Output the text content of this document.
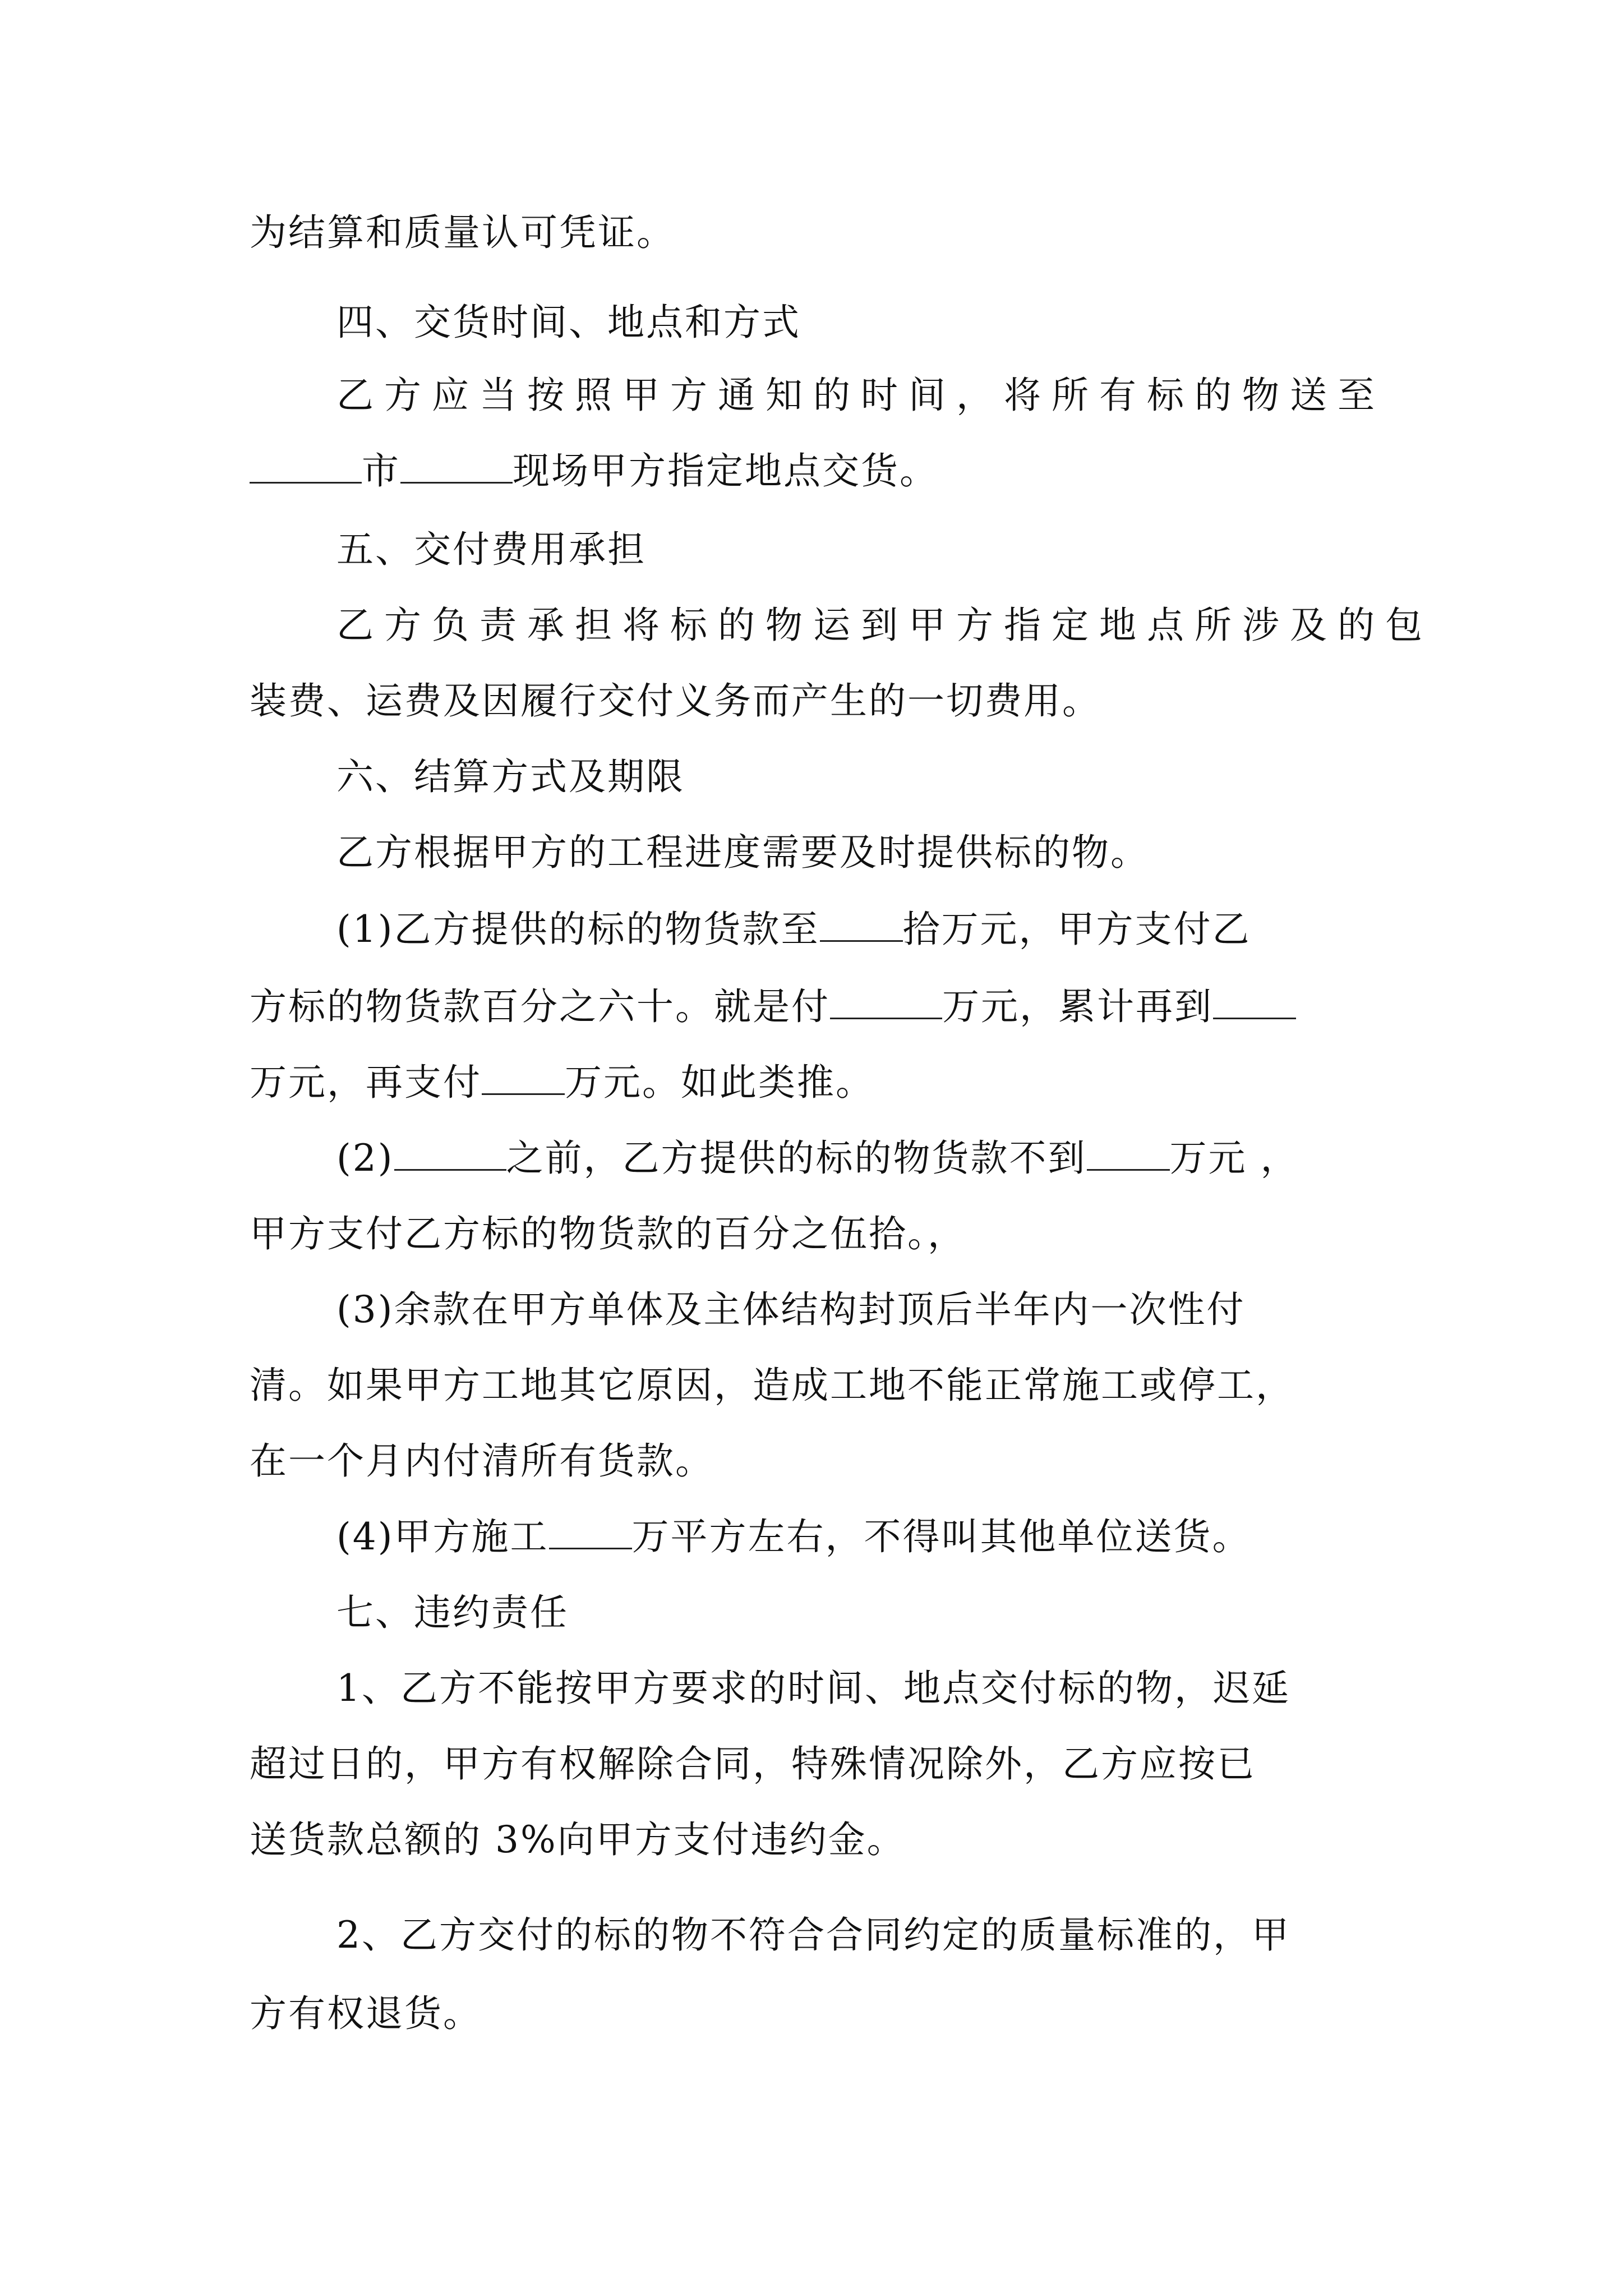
为结算和质量认可凭证。

四、交货时间、地点和方式

乙方应当按照甲方通知的时间，将所有标的物送至

市	现场甲方指定地点交货。

五、交付费用承担

乙方负责承担将标的物运到甲方指定地点所涉及的包

装费、运费及因履行交付义务而产生的一切费用。

六、结算方式及期限

乙方根据甲方的工程进度需要及时提供标的物。

(1)乙方提供的标的物货款至 拾万元，甲方支付乙

方标的物货款百分之六十。就是付	万元，累计再到

万元，再支付 万元。如此类推。

(2)	之前，乙方提供的标的物货款不到 万元 ，

甲方支付乙方标的物货款的百分之伍拾。，

(3)余款在甲方单体及主体结构封顶后半年内一次性付

清。如果甲方工地其它原因，造成工地不能正常施工或停工，

在一个月内付清所有货款。

(4)甲方施工 万平方左右，不得叫其他单位送货。

七、违约责任

1、乙方不能按甲方要求的时间、地点交付标的物，迟延

超过日的，甲方有权解除合同，特殊情况除外，乙方应按已

送货款总额的 3%向甲方支付违约金。

2、乙方交付的标的物不符合合同约定的质量标准的，甲

方有权退货。
